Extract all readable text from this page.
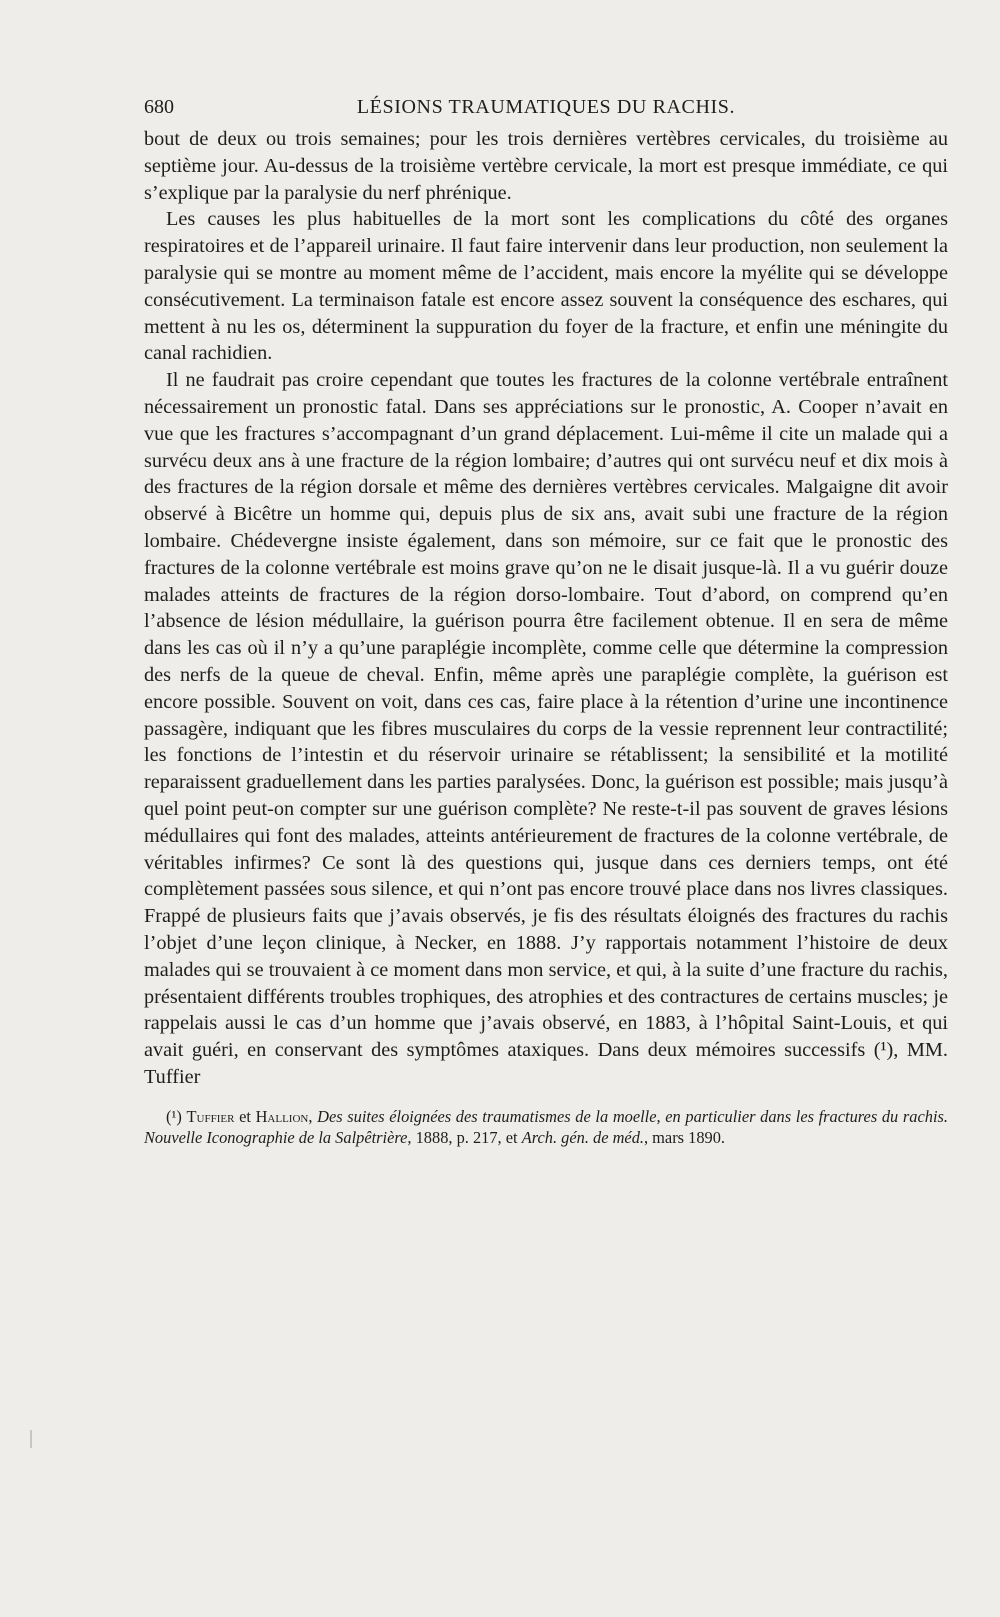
680	LÉSIONS TRAUMATIQUES DU RACHIS.

bout de deux ou trois semaines; pour les trois dernières vertèbres cervicales, du troisième au septième jour. Au-dessus de la troisième vertèbre cervicale, la mort est presque immédiate, ce qui s’explique par la paralysie du nerf phrénique.

Les causes les plus habituelles de la mort sont les complications du côté des organes respiratoires et de l’appareil urinaire. Il faut faire intervenir dans leur production, non seulement la paralysie qui se montre au moment même de l’accident, mais encore la myélite qui se développe consécutivement. La terminaison fatale est encore assez souvent la conséquence des eschares, qui mettent à nu les os, déterminent la suppuration du foyer de la fracture, et enfin une méningite du canal rachidien.

Il ne faudrait pas croire cependant que toutes les fractures de la colonne vertébrale entraînent nécessairement un pronostic fatal. Dans ses appréciations sur le pronostic, A. Cooper n’avait en vue que les fractures s’accompagnant d’un grand déplacement. Lui-même il cite un malade qui a survécu deux ans à une fracture de la région lombaire; d’autres qui ont survécu neuf et dix mois à des fractures de la région dorsale et même des dernières vertèbres cervicales. Malgaigne dit avoir observé à Bicêtre un homme qui, depuis plus de six ans, avait subi une fracture de la région lombaire. Chédevergne insiste également, dans son mémoire, sur ce fait que le pronostic des fractures de la colonne vertébrale est moins grave qu’on ne le disait jusque-là. Il a vu guérir douze malades atteints de fractures de la région dorso-lombaire. Tout d’abord, on comprend qu’en l’absence de lésion médullaire, la guérison pourra être facilement obtenue. Il en sera de même dans les cas où il n’y a qu’une paraplégie incomplète, comme celle que détermine la compression des nerfs de la queue de cheval. Enfin, même après une paraplégie complète, la guérison est encore possible. Souvent on voit, dans ces cas, faire place à la rétention d’urine une incontinence passagère, indiquant que les fibres musculaires du corps de la vessie reprennent leur contractilité; les fonctions de l’intestin et du réservoir urinaire se rétablissent; la sensibilité et la motilité reparaissent graduellement dans les parties paralysées. Donc, la guérison est possible; mais jusqu’à quel point peut-on compter sur une guérison complète? Ne reste-t-il pas souvent de graves lésions médullaires qui font des malades, atteints antérieurement de fractures de la colonne vertébrale, de véritables infirmes? Ce sont là des questions qui, jusque dans ces derniers temps, ont été complètement passées sous silence, et qui n’ont pas encore trouvé place dans nos livres classiques. Frappé de plusieurs faits que j’avais observés, je fis des résultats éloignés des fractures du rachis l’objet d’une leçon clinique, à Necker, en 1888. J’y rapportais notamment l’histoire de deux malades qui se trouvaient à ce moment dans mon service, et qui, à la suite d’une fracture du rachis, présentaient différents troubles trophiques, des atrophies et des contractures de certains muscles; je rappelais aussi le cas d’un homme que j’avais observé, en 1883, à l’hôpital Saint-Louis, et qui avait guéri, en conservant des symptômes ataxiques. Dans deux mémoires successifs (¹), MM. Tuffier

(¹) Tuffier et Hallion, Des suites éloignées des traumatismes de la moelle, en particulier dans les fractures du rachis. Nouvelle Iconographie de la Salpêtrière, 1888, p. 217, et Arch. gén. de méd., mars 1890.
